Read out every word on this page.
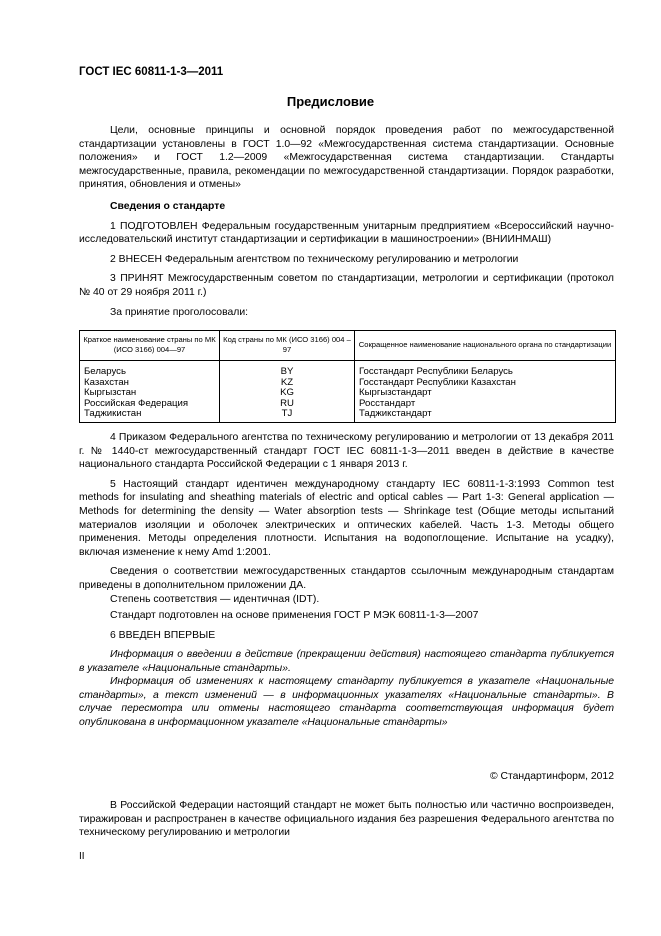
ГОСТ IEC 60811-1-3—2011
Предисловие

Цели, основные принципы и основной порядок проведения работ по межгосударственной стандартизации установлены в ГОСТ 1.0—92 «Межгосударственная система стандартизации. Основные положения» и ГОСТ 1.2—2009 «Межгосударственная система стандартизации. Стандарты межгосударственные, правила, рекомендации по межгосударственной стандартизации. Порядок разработки, принятия, обновления и отмены»

Сведения о стандарте

1 ПОДГОТОВЛЕН Федеральным государственным унитарным предприятием «Всероссийский научно-исследовательский институт стандартизации и сертификации в машиностроении» (ВНИИНМАШ)

2 ВНЕСЕН Федеральным агентством по техническому регулированию и метрологии

3 ПРИНЯТ Межгосударственным советом по стандартизации, метрологии и сертификации (протокол № 40 от 29 ноября 2011 г.)

За принятие проголосовали:

Краткое наименование страны по МК (ИСО 3166) 004—97	Код страны по МК (ИСО 3166) 004 – 97	Сокращенное наименование национального органа по стандартизации
Беларусь	BY	Госстандарт Республики Беларусь
Казахстан	KZ	Госстандарт Республики Казахстан
Кыргызстан	KG	Кыргызстандарт
Российская Федерация	RU	Росстандарт
Таджикистан	TJ	Таджикстандарт

4 Приказом Федерального агентства по техническому регулированию и метрологии от 13 декабря 2011 г. № 1440-ст межгосударственный стандарт ГОСТ IEC 60811-1-3—2011 введен в действие в качестве национального стандарта Российской Федерации с 1 января 2013 г.

5 Настоящий стандарт идентичен международному стандарту IEC 60811-1-3:1993 Common test methods for insulating and sheathing materials of electric and optical cables — Part 1-3: General application — Methods for determining the density — Water absorption tests — Shrinkage test (Общие методы испытаний материалов изоляции и оболочек электрических и оптических кабелей. Часть 1-3. Методы общего применения. Методы определения плотности. Испытания на водопоглощение. Испытание на усадку), включая изменение к нему Amd 1:2001.

Сведения о соответствии межгосударственных стандартов ссылочным международным стандартам приведены в дополнительном приложении ДА.

Степень соответствия — идентичная (IDT).

Стандарт подготовлен на основе применения ГОСТ Р МЭК 60811-1-3—2007

6 ВВЕДЕН ВПЕРВЫЕ

Информация о введении в действие (прекращении действия) настоящего стандарта публикуется в указателе «Национальные стандарты».

Информация об изменениях к настоящему стандарту публикуется в указателе «Национальные стандарты», а текст изменений — в информационных указателях «Национальные стандарты». В случае пересмотра или отмены настоящего стандарта соответствующая информация будет опубликована в информационном указателе «Национальные стандарты»

© Стандартинформ, 2012

В Российской Федерации настоящий стандарт не может быть полностью или частично воспроизведен, тиражирован и распространен в качестве официального издания без разрешения Федерального агентства по техническому регулированию и метрологии

II
